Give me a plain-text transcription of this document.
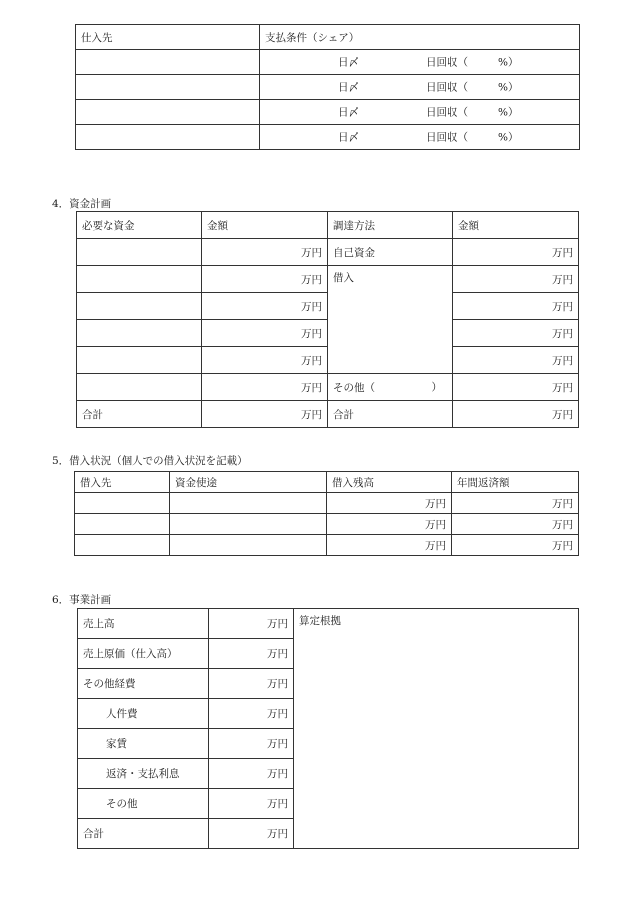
仕入先	支払条件（シェア）

	日〆 日回収（ %）

	日〆 日回収（ %）

	日〆 日回収（ %）

	日〆 日回収（ %）
4．資金計画
必要な資金	金額	調達方法	金額
	万円	自己資金	万円
	万円	借入	万円
	万円		万円
	万円		万円
	万円		万円
	万円	その他（ ）	万円
合計	万円	合計	万円
5．借入状況（個人での借入状況を記載）
借入先	資金使途	借入残高	年間返済額
		万円	万円
		万円	万円
		万円	万円
6．事業計画
売上高	万円	算定根拠
売上原価（仕入高）	万円	
その他経費	万円	
人件費	万円	
家賃	万円	
返済・支払利息	万円	
その他	万円	
合計	万円	
